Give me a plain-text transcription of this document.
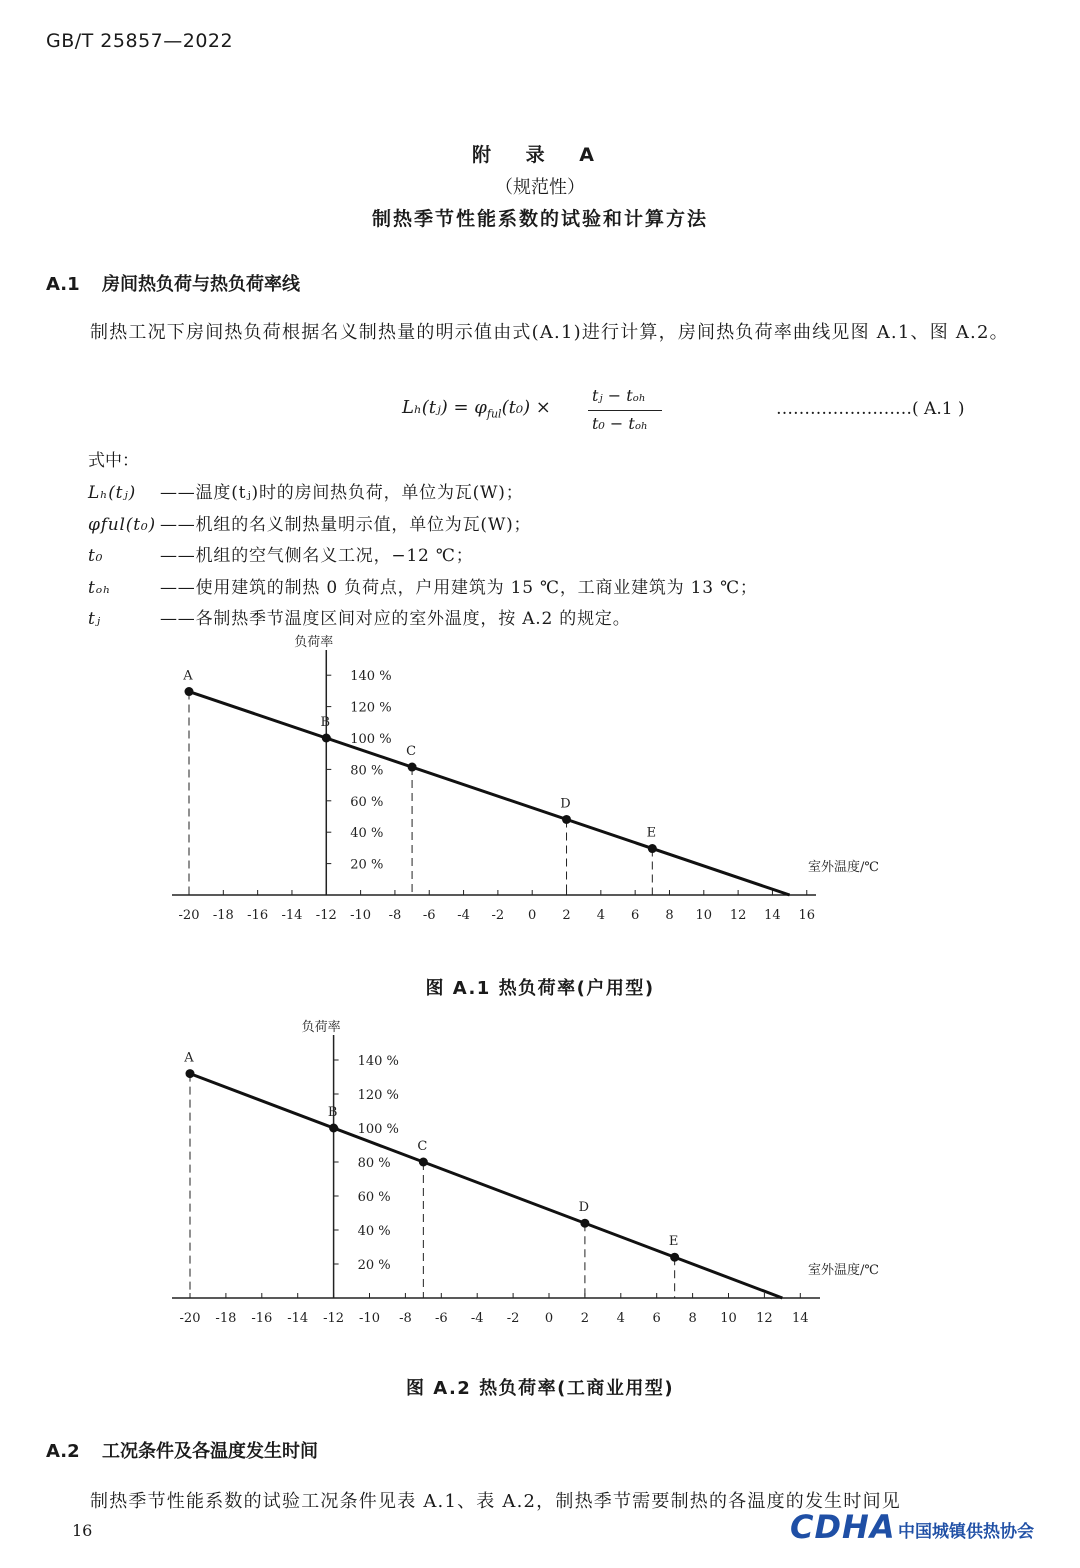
GB/T 25857—2022
附 录 A
（规范性）
制热季节性能系数的试验和计算方法
A.1 房间热负荷与热负荷率线
制热工况下房间热负荷根据名义制热量的明示值由式(A.1)进行计算，房间热负荷率曲线见图 A.1、图 A.2。
Lₕ(tⱼ) = $\varphi_{ful}(t_0)$ ×
tⱼ − tₒₕ
t₀ − tₒₕ
……………………( A.1 )
式中：
Lₕ(tⱼ) ——温度(tⱼ)时的房间热负荷，单位为瓦(W)；
φful(t₀) ——机组的名义制热量明示值，单位为瓦(W)；
t₀	——机组的空气侧名义工况，−12 ℃；
tₒₕ	——使用建筑的制热 0 负荷点，户用建筑为 15 ℃，工商业建筑为 13 ℃；
tⱼ	——各制热季节温度区间对应的室外温度，按 A.2 的规定。
-20 -18 -16 -14 -12 -10 -8 -6 -4 -2 0 2 4 6 8 10 12 14 16
140 %
120 %
100 %
80 %
60 %
40 %
20 %
负荷率
室外温度/℃
A
B
C
D
E
图 A.1 热负荷率(户用型)
-20 -18 -16 -14 -12 -10 -8 -6 -4 -2 0 2 4 6 8 10 12 14
140 %
120 %
100 %
80 %
60 %
40 %
20 %
负荷率
室外温度/℃
A
B
C
D
E
图 A.2 热负荷率(工商业用型)
A.2 工况条件及各温度发生时间
制热季节性能系数的试验工况条件见表 A.1、表 A.2，制热季节需要制热的各温度的发生时间见
16	CDHA 中国城镇供热协会
